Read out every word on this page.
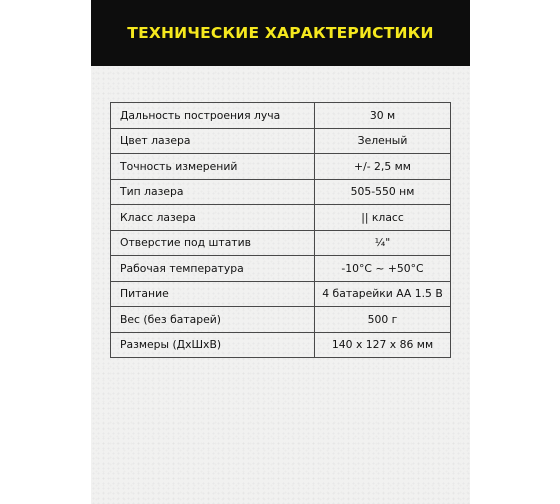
ТЕХНИЧЕСКИЕ ХАРАКТЕРИСТИКИ
Дальность построения луча	30 м
Цвет лазера	Зеленый
Точность измерений	+/- 2,5 мм
Тип лазера	505-550 нм
Класс лазера	|| класс
Отверстие под штатив	¼"
Рабочая температура	-10°C ~ +50°C
Питание	4 батарейки AA 1.5 В
Вес (без батарей)	500 г
Размеры (ДхШхВ)	140 x 127 x 86 мм
